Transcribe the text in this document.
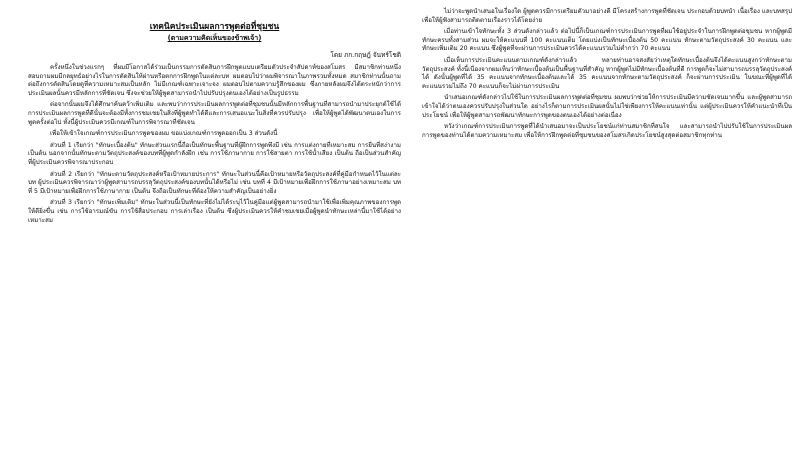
เทคนิคประเมินผลการพูดต่อที่ชุมชน

(ตามความคิดเห็นของข้าพเจ้า)

โดย ภก.กฤษฎ์ จันทร์โชติ

ครั้งหนึ่งในช่วงแรกๆ ที่ผมมีโอกาสได้ร่วมเป็นกรรมการตัดสินการฝึกพูดแบบเตรียมตัวประจำสัปดาห์ของสโมสร มีสมาชิกท่านหนึ่งสอบถามผมมีกลยุทธ์อย่างไรในการตัดสินให้ผ่านหรือตกการฝึกพูดในแต่ละบท ผมตอบไปว่าผมพิจารณาในภาพรวมทั้งหมด สมาชิกท่านนั้นถามต่อถึงการตัดสินโดยดูที่ความเหมาะสมเป็นหลัก ไม่มีเกณฑ์เฉพาะเจาะจง ผมตอบไปตามความรู้สึกของผม ซึ่งภายหลังผมจึงได้ตระหนักว่าการประเมินผลนั้นควรมีหลักการที่ชัดเจน ซึ่งจะช่วยให้ผู้พูดสามารถนำไปปรับปรุงตนเองได้อย่างเป็นรูปธรรม

ต่อจากนั้นผมจึงได้ศึกษาค้นคว้าเพิ่มเติม และพบว่าการประเมินผลการพูดต่อที่ชุมชนนั้นมีหลักการพื้นฐานที่สามารถนำมาประยุกต์ใช้ได้ การประเมินผลการพูดที่ดีนั้นจะต้องมีทั้งการชมเชยในสิ่งที่ผู้พูดทำได้ดีและการเสนอแนะในสิ่งที่ควรปรับปรุง เพื่อให้ผู้พูดได้พัฒนาตนเองในการพูดครั้งต่อไป ทั้งนี้ผู้ประเมินควรมีเกณฑ์ในการพิจารณาที่ชัดเจน

เพื่อให้เข้าใจเกณฑ์การประเมินการพูดของผม ขอแบ่งเกณฑ์การพูดออกเป็น 3 ส่วนดังนี้

ส่วนที่ 1 เรียกว่า "ทักษะเบื้องต้น" ทักษะส่วนแรกนี้ถือเป็นทักษะพื้นฐานที่ผู้ฝึกการพูดพึงมี เช่น การแต่งกายที่เหมาะสม การยืนที่สง่างาม เป็นต้น นอกจากนั้นทักษะตามวัตถุประสงค์ของบทที่ผู้พูดกำลังฝึก เช่น การใช้ภาษากาย การใช้สายตา การใช้น้ำเสียง เป็นต้น ถือเป็นส่วนสำคัญที่ผู้ประเมินควรพิจารณาประกอบ

ส่วนที่ 2 เรียกว่า "ทักษะตามวัตถุประสงค์หรือเป้าหมายประการ" ทักษะในส่วนนี้คือเป้าหมายหรือวัตถุประสงค์ที่คู่มือกำหนดไว้ในแต่ละบท ผู้ประเมินควรพิจารณาว่าผู้พูดสามารถบรรลุวัตถุประสงค์ของบทนั้นได้หรือไม่ เช่น บทที่ 4 มีเป้าหมายเพื่อฝึกการใช้ภาษาอย่างเหมาะสม บทที่ 5 มีเป้าหมายเพื่อฝึกการใช้ภาษากาย เป็นต้น จึงถือเป็นทักษะที่ต้องให้ความสำคัญเป็นอย่างยิ่ง

ส่วนที่ 3 เรียกว่า "ทักษะเพิ่มเติม" ทักษะในส่วนนี้เป็นทักษะที่ยังไม่ได้ระบุไว้ในคู่มือแต่ผู้พูดสามารถนำมาใช้เพื่อเพิ่มคุณภาพของการพูดให้ดียิ่งขึ้น เช่น การใช้อารมณ์ขัน การใช้สื่อประกอบ การเล่าเรื่อง เป็นต้น ซึ่งผู้ประเมินควรให้คำชมเชยเมื่อผู้พูดนำทักษะเหล่านี้มาใช้ได้อย่างเหมาะสม

ไม่ว่าจะพูดนำเสนอในเรื่องใด ผู้พูดควรมีการเตรียมตัวมาอย่างดี มีโครงสร้างการพูดที่ชัดเจน ประกอบด้วยบทนำ เนื้อเรื่อง และบทสรุป เพื่อให้ผู้ฟังสามารถติดตามเรื่องราวได้โดยง่าย

เมื่อท่านเข้าใจทักษะทั้ง 3 ส่วนดังกล่าวแล้ว ต่อไปนี้ก็เป็นเกณฑ์การประเมินการพูดที่ผมใช้อยู่ประจำในการฝึกพูดต่อชุมชน หากผู้พูดมีทักษะครบทั้งสามส่วน ผมจะให้คะแนนที่ 100 คะแนนเต็ม โดยแบ่งเป็นทักษะเบื้องต้น 50 คะแนน ทักษะตามวัตถุประสงค์ 30 คะแนน และทักษะเพิ่มเติม 20 คะแนน ซึ่งผู้พูดที่จะผ่านการประเมินควรได้คะแนนรวมไม่ต่ำกว่า 70 คะแนน

เมื่อเห็นการประเมินคะแนนตามเกณฑ์ดังกล่าวแล้ว หลายท่านอาจสงสัยว่าเหตุใดทักษะเบื้องต้นจึงได้คะแนนสูงกว่าทักษะตามวัตถุประสงค์ ทั้งนี้เนื่องจากผมเห็นว่าทักษะเบื้องต้นเป็นพื้นฐานที่สำคัญ หากผู้พูดไม่มีทักษะเบื้องต้นที่ดี การพูดก็จะไม่สามารถบรรลุวัตถุประสงค์ได้ ดังนั้นผู้พูดที่ได้ 35 คะแนนจากทักษะเบื้องต้นและได้ 35 คะแนนจากทักษะตามวัตถุประสงค์ ก็จะผ่านการประเมิน ในขณะที่ผู้พูดที่ได้คะแนนรวมไม่ถึง 70 คะแนนก็จะไม่ผ่านการประเมิน

นำเสนอเกณฑ์ดังกล่าวไปใช้ในการประเมินผลการพูดต่อที่ชุมชน ผมพบว่าช่วยให้การประเมินมีความชัดเจนมากขึ้น และผู้พูดสามารถเข้าใจได้ว่าตนเองควรปรับปรุงในส่วนใด อย่างไรก็ตามการประเมินผลนั้นไม่ใช่เพียงการให้คะแนนเท่านั้น แต่ผู้ประเมินควรให้คำแนะนำที่เป็นประโยชน์ เพื่อให้ผู้พูดสามารถพัฒนาทักษะการพูดของตนเองได้อย่างต่อเนื่อง

หวังว่าเกณฑ์การประเมินการพูดที่ได้นำเสนอมาจะเป็นประโยชน์แก่ท่านสมาชิกที่สนใจ และสามารถนำไปปรับใช้ในการประเมินผลการพูดของท่านได้ตามความเหมาะสม เพื่อให้การฝึกพูดต่อที่ชุมชนของสโมสรเกิดประโยชน์สูงสุดต่อสมาชิกทุกท่าน
